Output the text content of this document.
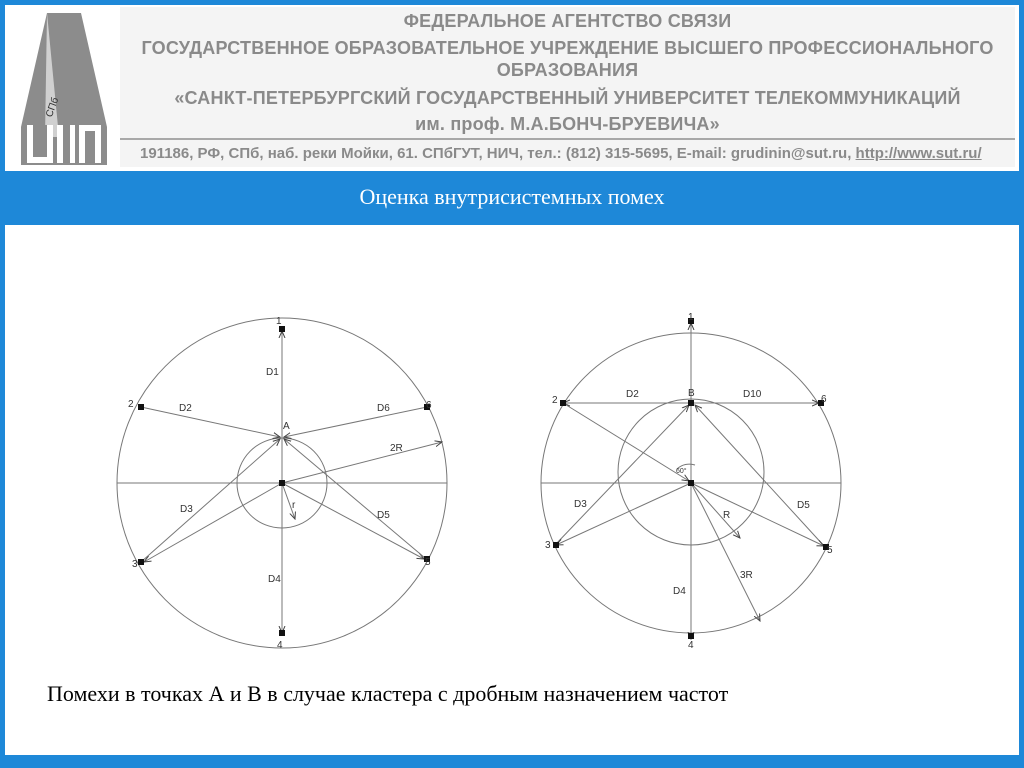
СПб
ФЕДЕРАЛЬНОЕ АГЕНТСТВО СВЯЗИ
ГОСУДАРСТВЕННОЕ ОБРАЗОВАТЕЛЬНОЕ УЧРЕЖДЕНИЕ ВЫСШЕГО ПРОФЕССИОНАЛЬНОГО
ОБРАЗОВАНИЯ
«САНКТ-ПЕТЕРБУРГСКИЙ ГОСУДАРСТВЕННЫЙ УНИВЕРСИТЕТ ТЕЛЕКОММУНИКАЦИЙ
им. проф. М.А.БОНЧ-БРУЕВИЧА»
191186, РФ, СПб, наб. реки Мойки, 61. СПбГУТ, НИЧ, тел.: (812) 315-5695, E-mail: grudinin@sut.ru, http://www.sut.ru/
Оценка внутрисистемных помех
1
2
3
4
5
6
A
D1
D2
D3
D4
D5
D6
2R
r
1
2
3
4
5
6
B
D2	D10
D3	D5
D4
60°
R
3R
Помехи в точках А и В в случае кластера с дробным назначением частот
